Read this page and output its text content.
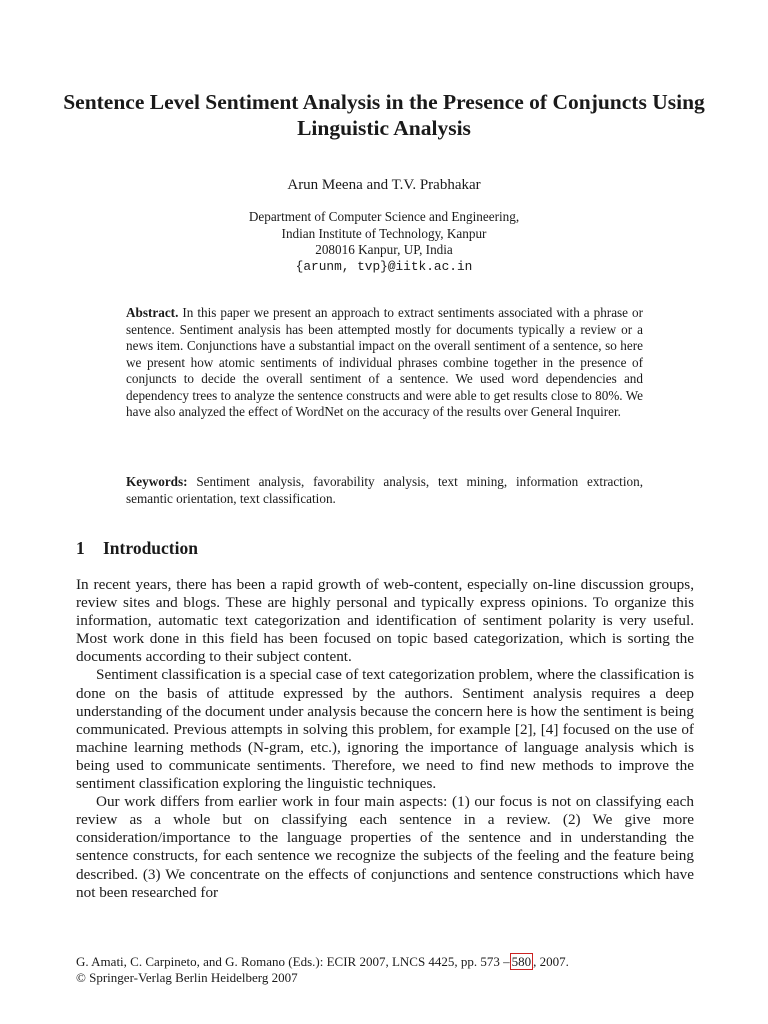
Sentence Level Sentiment Analysis in the Presence of Conjuncts Using Linguistic Analysis
Arun Meena and T.V. Prabhakar
Department of Computer Science and Engineering,
Indian Institute of Technology, Kanpur
208016 Kanpur, UP, India
{arunm, tvp}@iitk.ac.in
Abstract. In this paper we present an approach to extract sentiments associated with a phrase or sentence. Sentiment analysis has been attempted mostly for documents typically a review or a news item. Conjunctions have a substantial impact on the overall sentiment of a sentence, so here we present how atomic sentiments of individual phrases combine together in the presence of conjuncts to decide the overall sentiment of a sentence. We used word dependencies and dependency trees to analyze the sentence constructs and were able to get results close to 80%. We have also analyzed the effect of WordNet on the accuracy of the results over General Inquirer.
Keywords: Sentiment analysis, favorability analysis, text mining, information extraction, semantic orientation, text classification.
1 Introduction

In recent years, there has been a rapid growth of web-content, especially on-line discussion groups, review sites and blogs. These are highly personal and typically express opinions. To organize this information, automatic text categorization and identification of sentiment polarity is very useful. Most work done in this field has been focused on topic based categorization, which is sorting the documents according to their subject content.

Sentiment classification is a special case of text categorization problem, where the classification is done on the basis of attitude expressed by the authors. Sentiment analysis requires a deep understanding of the document under analysis because the concern here is how the sentiment is being communicated. Previous attempts in solving this problem, for example [2], [4] focused on the use of machine learning methods (N-gram, etc.), ignoring the importance of language analysis which is being used to communicate sentiments. Therefore, we need to find new methods to improve the sentiment classification exploring the linguistic techniques.

Our work differs from earlier work in four main aspects: (1) our focus is not on classifying each review as a whole but on classifying each sentence in a review. (2) We give more consideration/importance to the language properties of the sentence and in understanding the sentence constructs, for each sentence we recognize the subjects of the feeling and the feature being described. (3) We concentrate on the effects of conjunctions and sentence constructions which have not been researched for

G. Amati, C. Carpineto, and G. Romano (Eds.): ECIR 2007, LNCS 4425, pp. 573 – 580 , 2007.
© Springer-Verlag Berlin Heidelberg 2007
